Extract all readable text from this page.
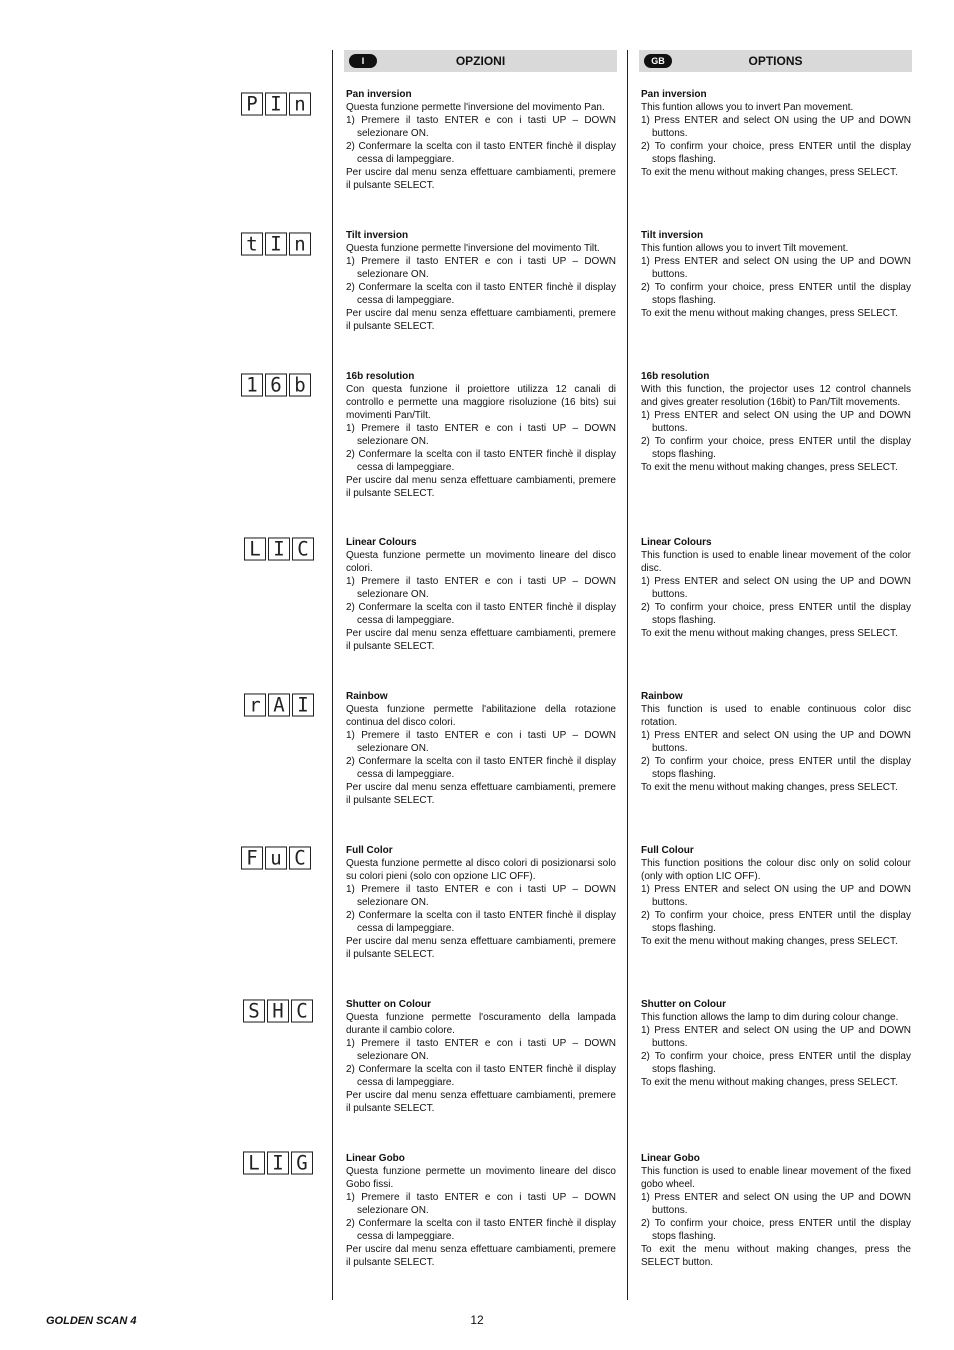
I	OPZIONI	GB	OPTIONS
P I n
t I n
1 6 b
L I C
r A I
F u C
S H C
L I G
Pan inversion
Questa funzione permette l'inversione del movimento Pan.
1) Premere il tasto ENTER e con i tasti UP – DOWN selezionare ON.
2) Confermare la scelta con il tasto ENTER finchè il display cessa di lampeggiare.
Per uscire dal menu senza effettuare cambiamenti, premere il pulsante SELECT.
Tilt inversion
Questa funzione permette l'inversione del movimento Tilt.
1) Premere il tasto ENTER e con i tasti UP – DOWN selezionare ON.
2) Confermare la scelta con il tasto ENTER finchè il display cessa di lampeggiare.
Per uscire dal menu senza effettuare cambiamenti, premere il pulsante SELECT.
16b resolution
Con questa funzione il proiettore utilizza 12 canali di controllo e permette una maggiore risoluzione (16 bits) sui movimenti Pan/Tilt.
1) Premere il tasto ENTER e con i tasti UP – DOWN selezionare ON.
2) Confermare la scelta con il tasto ENTER finchè il display cessa di lampeggiare.
Per uscire dal menu senza effettuare cambiamenti, premere il pulsante SELECT.
Linear Colours
Questa funzione permette un movimento lineare del disco colori.
1) Premere il tasto ENTER e con i tasti UP – DOWN selezionare ON.
2) Confermare la scelta con il tasto ENTER finchè il display cessa di lampeggiare.
Per uscire dal menu senza effettuare cambiamenti, premere il pulsante SELECT.
Rainbow
Questa funzione permette l'abilitazione della rotazione continua del disco colori.
1) Premere il tasto ENTER e con i tasti UP – DOWN selezionare ON.
2) Confermare la scelta con il tasto ENTER finchè il display cessa di lampeggiare.
Per uscire dal menu senza effettuare cambiamenti, premere il pulsante SELECT.
Full Color
Questa funzione permette al disco colori di posizionarsi solo su colori pieni (solo con opzione LIC OFF).
1) Premere il tasto ENTER e con i tasti UP – DOWN selezionare ON.
2) Confermare la scelta con il tasto ENTER finchè il display cessa di lampeggiare.
Per uscire dal menu senza effettuare cambiamenti, premere il pulsante SELECT.
Shutter on Colour
Questa funzione permette l'oscuramento della lampada durante il cambio colore.
1) Premere il tasto ENTER e con i tasti UP – DOWN selezionare ON.
2) Confermare la scelta con il tasto ENTER finchè il display cessa di lampeggiare.
Per uscire dal menu senza effettuare cambiamenti, premere il pulsante SELECT.
Linear Gobo
Questa funzione permette un movimento lineare del disco Gobo fissi.
1) Premere il tasto ENTER e con i tasti UP – DOWN selezionare ON.
2) Confermare la scelta con il tasto ENTER finchè il display cessa di lampeggiare.
Per uscire dal menu senza effettuare cambiamenti, premere il pulsante SELECT.
Pan inversion
This funtion allows you to invert Pan movement.
1) Press ENTER and select ON using the UP and DOWN buttons.
2) To confirm your choice, press ENTER until the display stops flashing.
To exit the menu without making changes, press SELECT.
Tilt inversion
This funtion allows you to invert Tilt movement.
1) Press ENTER and select ON using the UP and DOWN buttons.
2) To confirm your choice, press ENTER until the display stops flashing.
To exit the menu without making changes, press SELECT.
16b resolution
With this function, the projector uses 12 control channels and gives greater resolution (16bit) to Pan/Tilt movements.
1) Press ENTER and select ON using the UP and DOWN buttons.
2) To confirm your choice, press ENTER until the display stops flashing.
To exit the menu without making changes, press SELECT.
Linear Colours
This function is used to enable linear movement of the color disc.
1) Press ENTER and select ON using the UP and DOWN buttons.
2) To confirm your choice, press ENTER until the display stops flashing.
To exit the menu without making changes, press SELECT.
Rainbow
This function is used to enable continuous color disc rotation.
1) Press ENTER and select ON using the UP and DOWN buttons.
2) To confirm your choice, press ENTER until the display stops flashing.
To exit the menu without making changes, press SELECT.
Full Colour
This function positions the colour disc only on solid colour (only with option LIC OFF).
1) Press ENTER and select ON using the UP and DOWN buttons.
2) To confirm your choice, press ENTER until the display stops flashing.
To exit the menu without making changes, press SELECT.
Shutter on Colour
This function allows the lamp to dim during colour change.
1) Press ENTER and select ON using the UP and DOWN buttons.
2) To confirm your choice, press ENTER until the display stops flashing.
To exit the menu without making changes, press SELECT.
Linear Gobo
This function is used to enable linear movement of the fixed gobo wheel.
1) Press ENTER and select ON using the UP and DOWN buttons.
2) To confirm your choice, press ENTER until the display stops flashing.
To exit the menu without making changes, press the SELECT button.
GOLDEN SCAN 4	12
